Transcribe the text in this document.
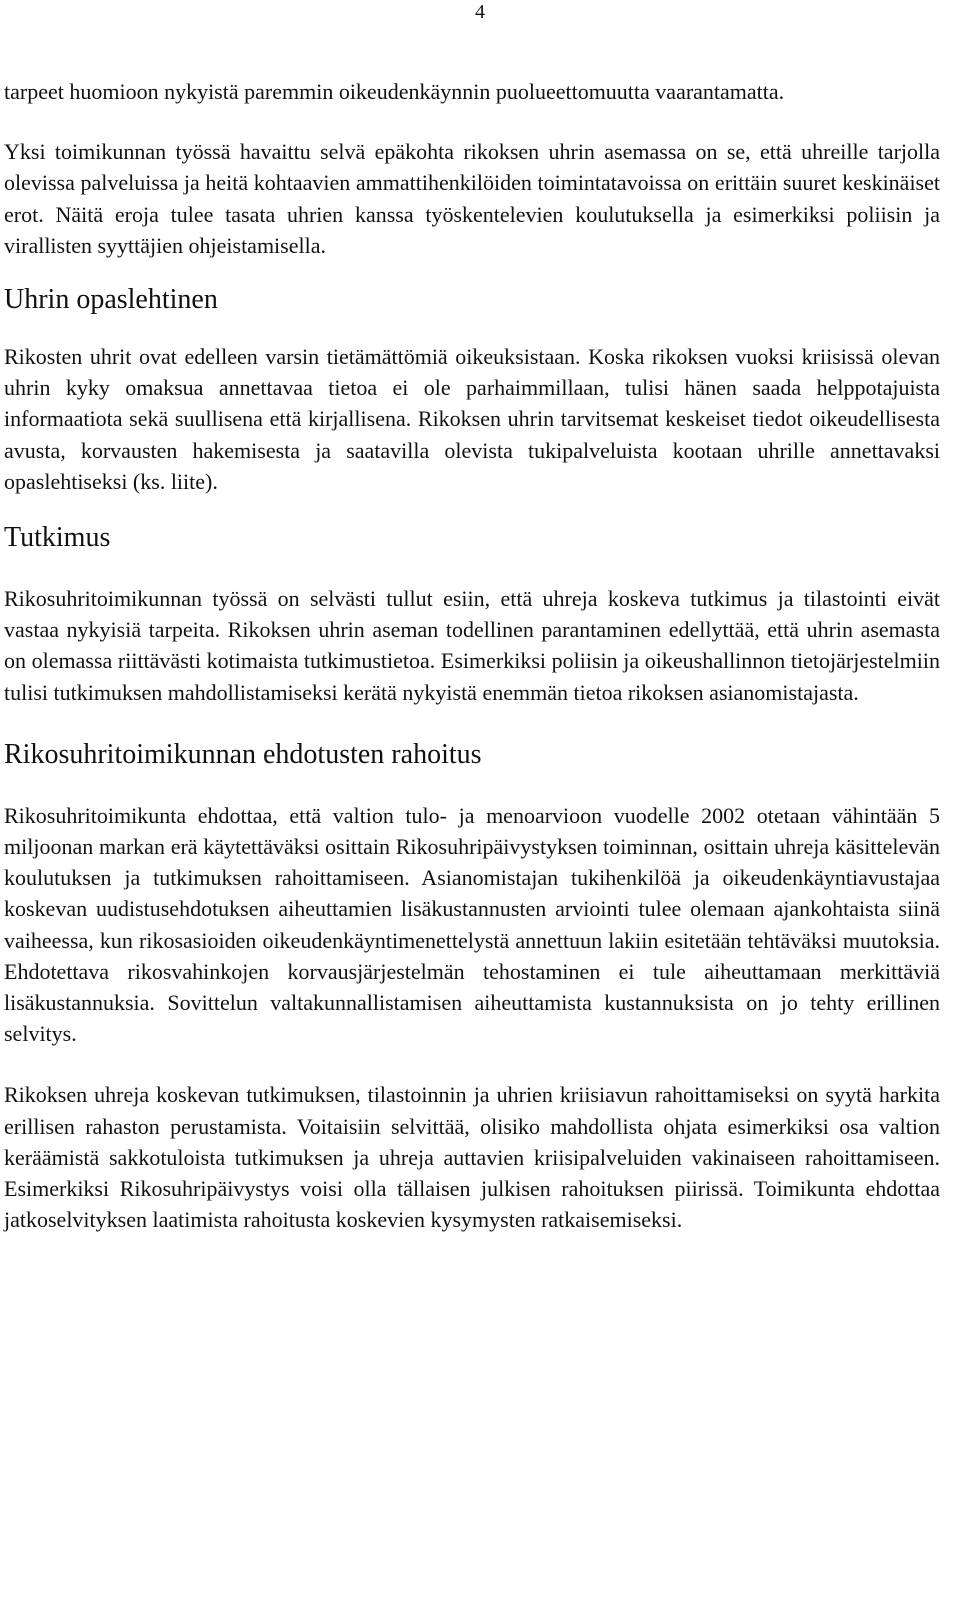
4

tarpeet huomioon nykyistä paremmin oikeudenkäynnin puolueettomuutta vaarantamatta.

Yksi toimikunnan työssä havaittu selvä epäkohta rikoksen uhrin asemassa on se, että uhreille tarjolla olevissa palveluissa ja heitä kohtaavien ammattihenkilöiden toimintatavoissa on erittäin suuret keskinäiset erot. Näitä eroja tulee tasata uhrien kanssa työskentelevien koulutuksella ja esimerkiksi poliisin ja virallisten syyttäjien ohjeistamisella.

Uhrin opaslehtinen

Rikosten uhrit ovat edelleen varsin tietämättömiä oikeuksistaan. Koska rikoksen vuoksi kriisissä olevan uhrin kyky omaksua annettavaa tietoa ei ole parhaimmillaan, tulisi hänen saada helppotajuista informaatiota sekä suullisena että kirjallisena. Rikoksen uhrin tarvitsemat keskeiset tiedot oikeudellisesta avusta, korvausten hakemisesta ja saatavilla olevista tukipalveluista kootaan uhrille annettavaksi opaslehtiseksi (ks. liite).

Tutkimus

Rikosuhritoimikunnan työssä on selvästi tullut esiin, että uhreja koskeva tutkimus ja tilastointi eivät vastaa nykyisiä tarpeita. Rikoksen uhrin aseman todellinen parantaminen edellyttää, että uhrin asemasta on olemassa riittävästi kotimaista tutkimustietoa. Esimerkiksi poliisin ja oikeushallinnon tietojärjestelmiin tulisi tutkimuksen mahdollistamiseksi kerätä nykyistä enemmän tietoa rikoksen asianomistajasta.

Rikosuhritoimikunnan ehdotusten rahoitus

Rikosuhritoimikunta ehdottaa, että valtion tulo- ja menoarvioon vuodelle 2002 otetaan vähintään 5 miljoonan markan erä käytettäväksi osittain Rikosuhripäivystyksen toiminnan, osittain uhreja käsittelevän koulutuksen ja tutkimuksen rahoittamiseen. Asianomistajan tukihenkilöä ja oikeudenkäyntiavustajaa koskevan uudistusehdotuksen aiheuttamien lisäkustannusten arviointi tulee olemaan ajankohtaista siinä vaiheessa, kun rikosasioiden oikeudenkäyntimenettelystä annettuun lakiin esitetään tehtäväksi muutoksia. Ehdotettava rikosvahinkojen korvausjärjestelmän tehostaminen ei tule aiheuttamaan merkittäviä lisäkustannuksia. Sovittelun valtakunnallistamisen aiheuttamista kustannuksista on jo tehty erillinen selvitys.

Rikoksen uhreja koskevan tutkimuksen, tilastoinnin ja uhrien kriisiavun rahoittamiseksi on syytä harkita erillisen rahaston perustamista. Voitaisiin selvittää, olisiko mahdollista ohjata esimerkiksi osa valtion keräämistä sakkotuloista tutkimuksen ja uhreja auttavien kriisipalveluiden vakinaiseen rahoittamiseen. Esimerkiksi Rikosuhripäivystys voisi olla tällaisen julkisen rahoituksen piirissä. Toimikunta ehdottaa jatkoselvityksen laatimista rahoitusta koskevien kysymysten ratkaisemiseksi.
